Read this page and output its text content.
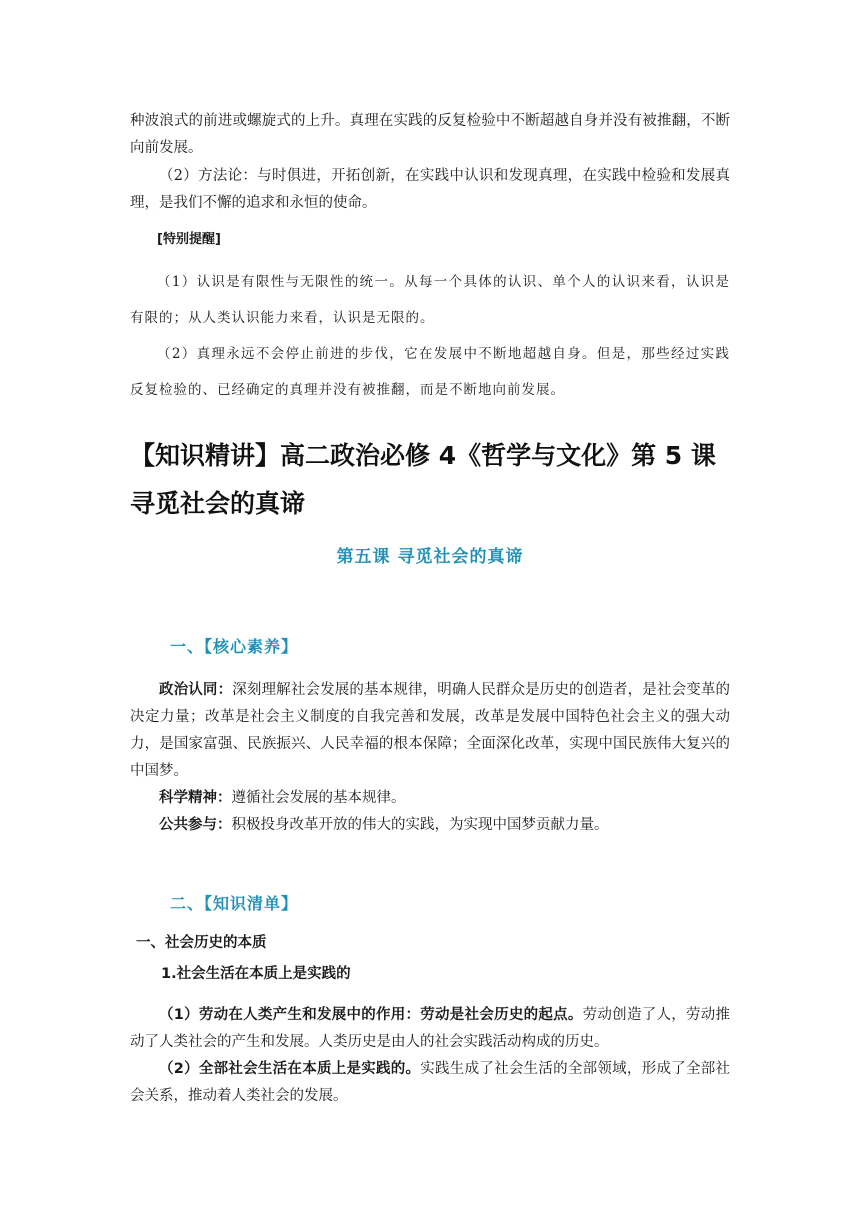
种波浪式的前进或螺旋式的上升。真理在实践的反复检验中不断超越自身并没有被推翻，不断向前发展。

（2）方法论：与时俱进，开拓创新，在实践中认识和发现真理，在实践中检验和发展真理，是我们不懈的追求和永恒的使命。

[特别提醒]

（1）认识是有限性与无限性的统一。从每一个具体的认识、单个人的认识来看，认识是有限的；从人类认识能力来看，认识是无限的。

（2）真理永远不会停止前进的步伐，它在发展中不断地超越自身。但是，那些经过实践反复检验的、已经确定的真理并没有被推翻，而是不断地向前发展。

【知识精讲】高二政治必修 4《哲学与文化》第 5 课 寻觅社会的真谛
第五课 寻觅社会的真谛
一、【核心素养】

政治认同：深刻理解社会发展的基本规律，明确人民群众是历史的创造者，是社会变革的决定力量；改革是社会主义制度的自我完善和发展，改革是发展中国特色社会主义的强大动力，是国家富强、民族振兴、人民幸福的根本保障；全面深化改革，实现中国民族伟大复兴的中国梦。

科学精神：遵循社会发展的基本规律。

公共参与：积极投身改革开放的伟大的实践，为实现中国梦贡献力量。

二、【知识清单】
一、社会历史的本质
1.社会生活在本质上是实践的

（1）劳动在人类产生和发展中的作用：劳动是社会历史的起点。劳动创造了人，劳动推动了人类社会的产生和发展。人类历史是由人的社会实践活动构成的历史。

（2）全部社会生活在本质上是实践的。实践生成了社会生活的全部领域，形成了全部社会关系，推动着人类社会的发展。
